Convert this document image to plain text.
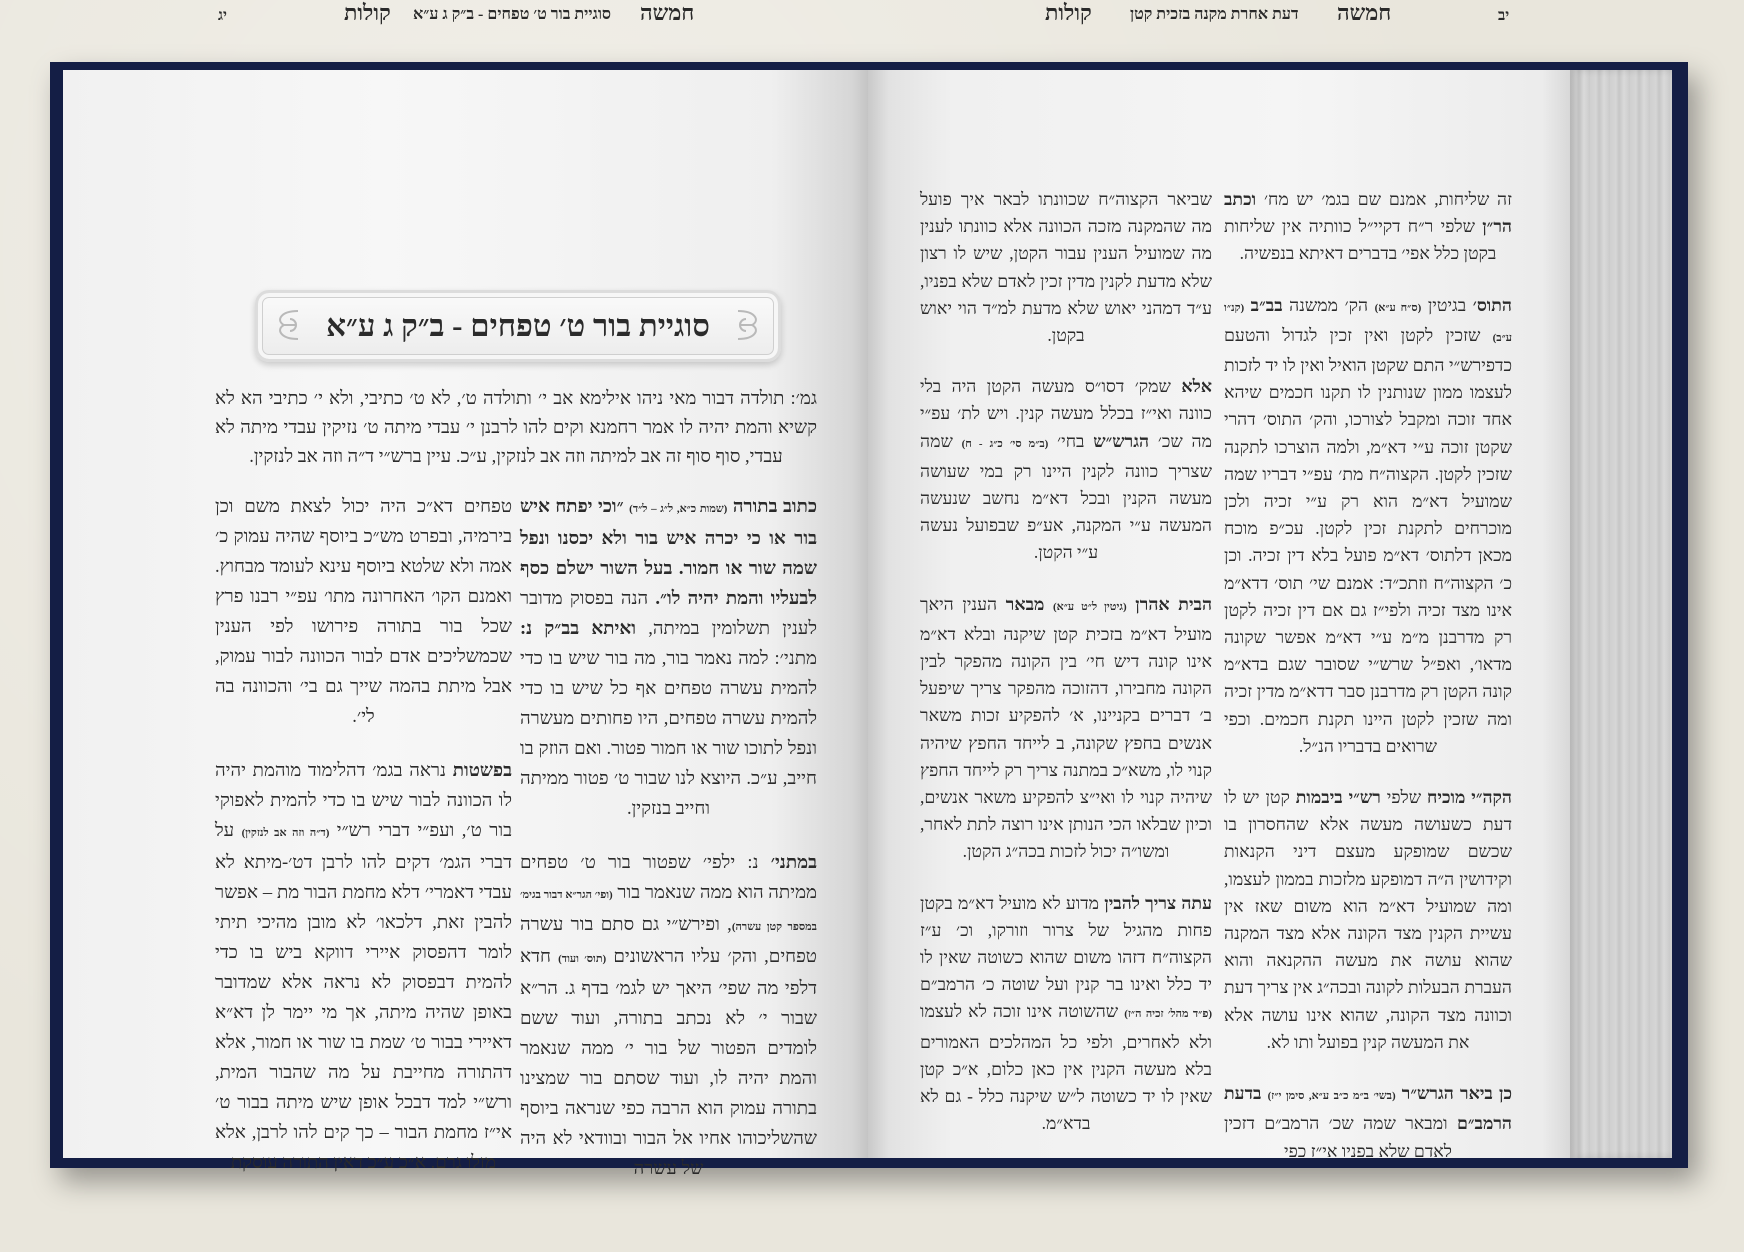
יג	קולות סוגיית בור ט׳ טפחים - ב״ק ג ע״א חמשה
סוגיית בור ט׳ טפחים - ב״ק ג ע״א
גמ׳: תולדה דבור מאי ניהו אילימא אב י׳ ותולדה ט׳, לא ט׳ כתיבי, ולא י׳ כתיבי הא לא קשיא והמת יהיה לו אמר רחמנא וקים להו לרבנן י׳ עבדי מיתה ט׳ נזיקין עבדי מיתה לא עבדי, סוף סוף זה אב למיתה וזה אב לנזקין, ע״כ. עיין ברש״י ד״ה וזה אב לנזקין.

כתוב בתורה (שמות כ״א, ל״ג – ל״ד) ״וכי יפתח איש בור או כי יכרה איש בור ולא יכסנו ונפל שמה שור או חמור. בעל השור ישלם כסף לבעליו והמת יהיה לו״. הנה בפסוק מדובר לענין תשלומין במיתה, ואיתא בב״ק נ: מתני׳: למה נאמר בור, מה בור שיש בו כדי להמית עשרה טפחים אף כל שיש בו כדי להמית עשרה טפחים, היו פחותים מעשרה ונפל לתוכו שור או חמור פטור. ואם הוזק בו חייב, ע״כ. היוצא לנו שבור ט׳ פטור ממיתה וחייב בנזקין.

במתני׳ נ: ילפי׳ שפטור בור ט׳ טפחים ממיתה הוא ממה שנאמר בור (ופי׳ הגר״א דבור בגימ׳ במספר קטן עשרה), ופירש״י גם סתם בור עשרה טפחים, והק׳ עליו הראשונים (תוס׳ ועוד) חדא דלפי מה שפי׳ היאך יש לגמ׳ בדף ג. הר״א שבור י׳ לא נכתב בתורה, ועוד ששם לומדים הפטור של בור י׳ ממה שנאמר והמת יהיה לו, ועוד שסתם בור שמצינו בתורה עמוק הוא הרבה כפי שנראה ביוסף שהשליכוהו אחיו אל הבור ובוודאי לא היה של עשרה

טפחים דא״כ היה יכול לצאת משם וכן בירמיה, ובפרט מש״כ ביוסף שהיה עמוק כ׳ אמה ולא שלטא ביוסף עינא לעומד מבחוץ. ואמנם הקו׳ האחרונה מתו׳ עפ״י רבנו פרץ שכל בור בתורה פירושו לפי הענין שכמשליכים אדם לבור הכוונה לבור עמוק, אבל מיתת בהמה שייך גם בי׳ והכוונה בה לי׳.

בפשטות נראה בגמ׳ דהלימוד מוהמת יהיה לו הכוונה לבור שיש בו כדי להמית לאפוקי בור ט׳, ועפ״י דברי רש״י (ד״ה וזה אב לנזקין) על דברי הגמ׳ דקים להו לרבן דט׳-מיתא לא עבדי דאמרי׳ דלא מחמת הבור מת – אפשר להבין זאת, דלכאו׳ לא מובן מהיכי תיתי לומר דהפסוק איירי דווקא ביש בו כדי להמית דבפסוק לא נראה אלא שמדובר באופן שהיה מיתה, אך מי יימר לן דא״א דאיירי בבור ט׳ שמת בו שור או חמור, אלא דהתורה מחייבת על מה שהבור המית, ורש״י למד דבכל אופן שיש מיתה בבור ט׳ אי״ז מחמת הבור – כך קים להו לרבן, אלא מזלו גרם. א״כ ע״כ דאין התורה עוסקת

קולות דעת אחרת מקנה בזכית קטן חמשה	יב

זה שליחות, אמנם שם בגמ׳ יש מח׳ וכתב הר״ן שלפי ר״ח דקיי״ל כוותיה אין שליחות בקטן כלל אפי׳ בדברים דאיתא בנפשיה.

התוס׳ בגיטין (ס״ח ע״א) הק׳ ממשנה בב״ב (קנ״ו ע״ב) שזכין לקטן ואין זכין לגדול והטעם כדפירש״י התם שקטן הואיל ואין לו יד לזכות לעצמו ממון שנותנין לו תקנו חכמים שיהא אחד זוכה ומקבל לצורכו, והק׳ התוס׳ דהרי שקטן זוכה ע״י דא״מ, ולמה הוצרכו לתקנה שזכין לקטן. הקצוה״ח מת׳ עפ״י דבריו שמה שמועיל דא״מ הוא רק ע״י זכיה ולכן מוכרחים לתקנת זכין לקטן. עכ״פ מוכח מכאן דלתוס׳ דא״מ פועל בלא דין זכיה. וכן כ׳ הקצוה״ח וזתכ״ד: אמנם שי׳ תוס׳ דדא״מ אינו מצד זכיה ולפי״ז גם אם דין זכיה לקטן רק מדרבנן מ״מ ע״י דא״מ אפשר שקונה מדאו׳, ואפ״ל שרש״י שסובר שגם בדא״מ קונה הקטן רק מדרבנן סבר דדא״מ מדין זכיה ומה שזכין לקטן היינו תקנת חכמים. וכפי שרואים בדבריו הנ״ל.

הקה״י מוכיח שלפי רש״י ביבמות קטן יש לו דעת כשעושה מעשה אלא שהחסרון בו שכשם שמופקע מעצם דיני הקנאות וקידושין ה״ה דמופקע מלזכות בממון לעצמו, ומה שמועיל דא״מ הוא משום שאז אין עשיית הקנין מצד הקונה אלא מצד המקנה שהוא עושה את מעשה ההקנאה והוא העברת הבעלות לקונה ובכה״ג אין צריך דעת וכוונה מצד הקונה, שהוא אינו עושה אלא את המעשה קנין בפועל ותו לא.

כן ביאר הגרש״ר (בשי׳ ב״מ כ״ב ע״א, סימן י״ז) בדעת הרמב״ם ומבאר שמה שכ׳ הרמב״ם דזכין לאדם שלא בפניו אי״ז כפי

שביאר הקצוה״ח שכוונתו לבאר איך פועל מה שהמקנה מזכה הכוונה אלא כוונתו לענין מה שמועיל הענין עבור הקטן, שיש לו רצון שלא מדעת לקנין מדין זכין לאדם שלא בפניו, ע״ד דמהני יאוש שלא מדעת למ״ד הוי יאוש בקטן.

אלא שמק׳ דסו״ס מעשה הקטן היה בלי כוונה ואי״ז בכלל מעשה קנין. ויש לת׳ עפ״י מה שכ׳ הגרש״ש בחי׳ (ב״מ סי׳ כ״ג - ח) שמה שצריך כוונה לקנין היינו רק במי שעושה מעשה הקנין ובכל דא״מ נחשב שנעשה המעשה ע״י המקנה, אע״פ שבפועל נעשה ע״י הקטן.

הבית אהרן (גיטין ל״ט ע״א) מבאר הענין היאך מועיל דא״מ בזכית קטן שיקנה ובלא דא״מ אינו קונה דיש חי׳ בין הקונה מהפקר לבין הקונה מחבירו, דהזוכה מהפקר צריך שיפעל ב׳ דברים בקניינו, א׳ להפקיע זכות משאר אנשים בחפץ שקונה, ב לייחד החפץ שיהיה קנוי לו, משא״כ במתנה צריך רק לייחד החפץ שיהיה קנוי לו ואי״צ להפקיע משאר אנשים, וכיון שבלאו הכי הנותן אינו רוצה לתת לאחר, ומשו״ה יכול לזכות בכה״ג הקטן.

עתה צריך להבין מדוע לא מועיל דא״מ בקטן פחות מהגיל של צרור וזורקו, וכ׳ ע״ז הקצוה״ח דזהו משום שהוא כשוטה שאין לו יד כלל ואינו בר קנין ועל שוטה כ׳ הרמב״ם (פ״ד מהל׳ זכיה ה״ז) שהשוטה אינו זוכה לא לעצמו ולא לאחרים, ולפי כל המהלכים האמורים בלא מעשה הקנין אין כאן כלום, א״כ קטן שאין לו יד כשוטה ל״ש שיקנה כלל - גם לא בדא״מ.
